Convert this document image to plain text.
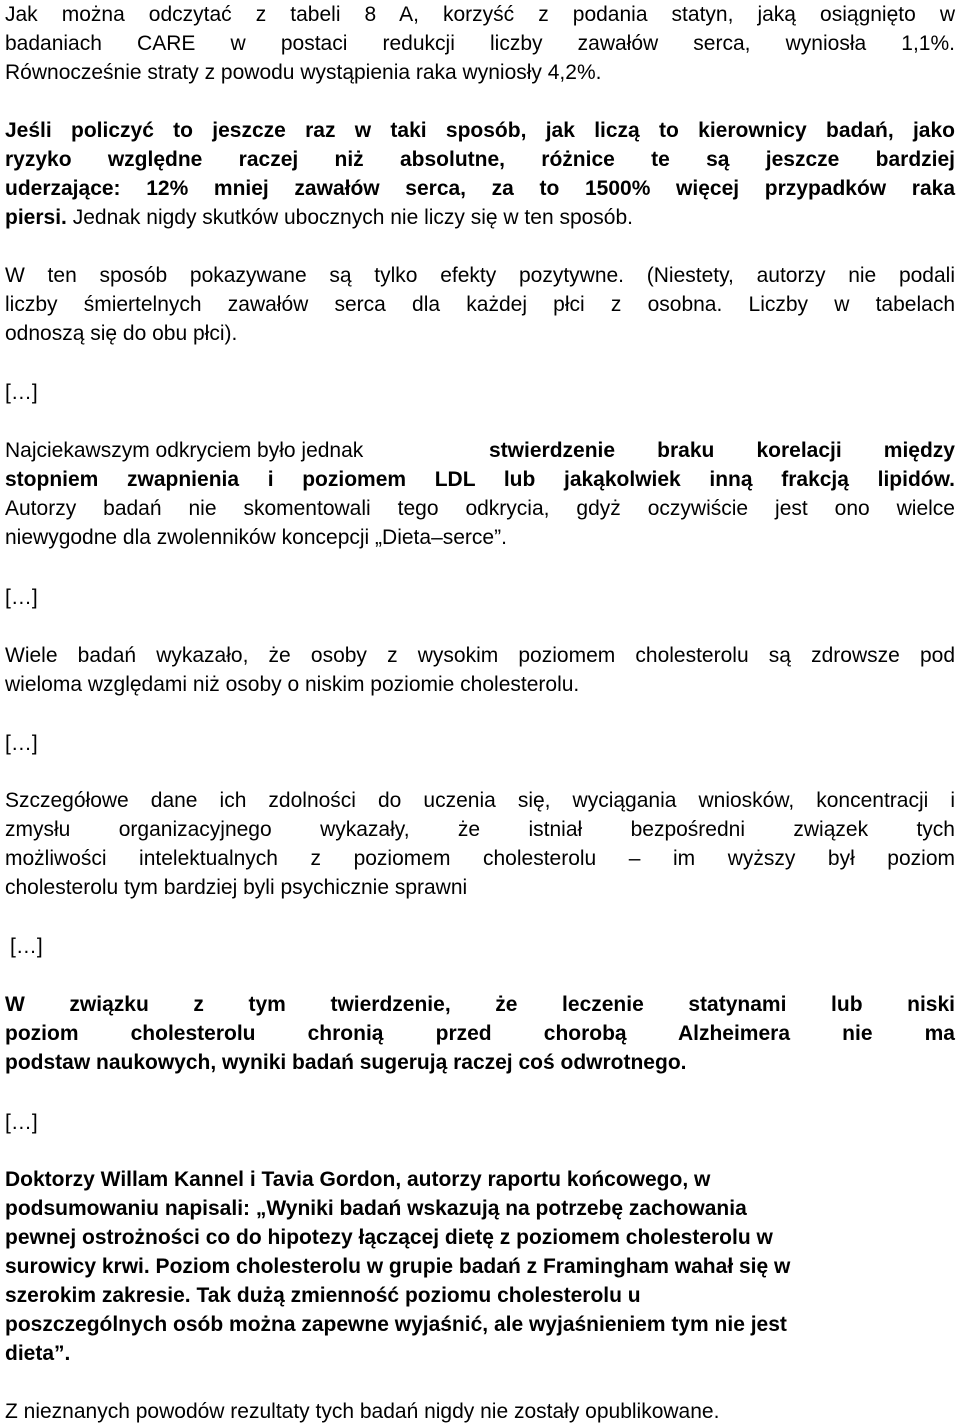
Jak można odczytać z tabeli 8 A, korzyść z podania statyn, jaką osiągnięto w
badaniach CARE w postaci redukcji liczby zawałów serca, wyniosła 1,1%.
Równocześnie straty z powodu wystąpienia raka wyniosły 4,2%.
Jeśli policzyć to jeszcze raz w taki sposób, jak liczą to kierownicy badań, jako
ryzyko względne raczej niż absolutne, różnice te są jeszcze bardziej
uderzające: 12% mniej zawałów serca, za to 1500% więcej przypadków raka
piersi. Jednak nigdy skutków ubocznych nie liczy się w ten sposób.
W ten sposób pokazywane są tylko efekty pozytywne. (Niestety, autorzy nie podali
liczby śmiertelnych zawałów serca dla każdej płci z osobna. Liczby w tabelach
odnoszą się do obu płci).
[…]
Najciekawszym odkryciem było jednak	stwierdzenie braku korelacji między
stopniem zwapnienia i poziomem LDL lub jakąkolwiek inną frakcją lipidów.
Autorzy badań nie skomentowali tego odkrycia, gdyż oczywiście jest ono wielce
niewygodne dla zwolenników koncepcji „Dieta–serce”.
[…]
Wiele badań wykazało, że osoby z wysokim poziomem cholesterolu są zdrowsze pod
wieloma względami niż osoby o niskim poziomie cholesterolu.
[…]
Szczegółowe dane ich zdolności do uczenia się, wyciągania wniosków, koncentracji i
zmysłu organizacyjnego wykazały, że istniał bezpośredni związek tych
możliwości intelektualnych z poziomem cholesterolu – im wyższy był poziom
cholesterolu tym bardziej byli psychicznie sprawni
[…]
W związku z tym twierdzenie, że leczenie statynami lub niski
poziom cholesterolu chronią przed chorobą Alzheimera nie ma
podstaw naukowych, wyniki badań sugerują raczej coś odwrotnego.
[…]
Doktorzy Willam Kannel i Tavia Gordon, autorzy raportu końcowego, w
podsumowaniu napisali: „Wyniki badań wskazują na potrzebę zachowania
pewnej ostrożności co do hipotezy łączącej dietę z poziomem cholesterolu w
surowicy krwi. Poziom cholesterolu w grupie badań z Framingham wahał się w
szerokim zakresie. Tak dużą zmienność poziomu cholesterolu u
poszczególnych osób można zapewne wyjaśnić, ale wyjaśnieniem tym nie jest
dieta”.
Z nieznanych powodów rezultaty tych badań nigdy nie zostały opublikowane.
